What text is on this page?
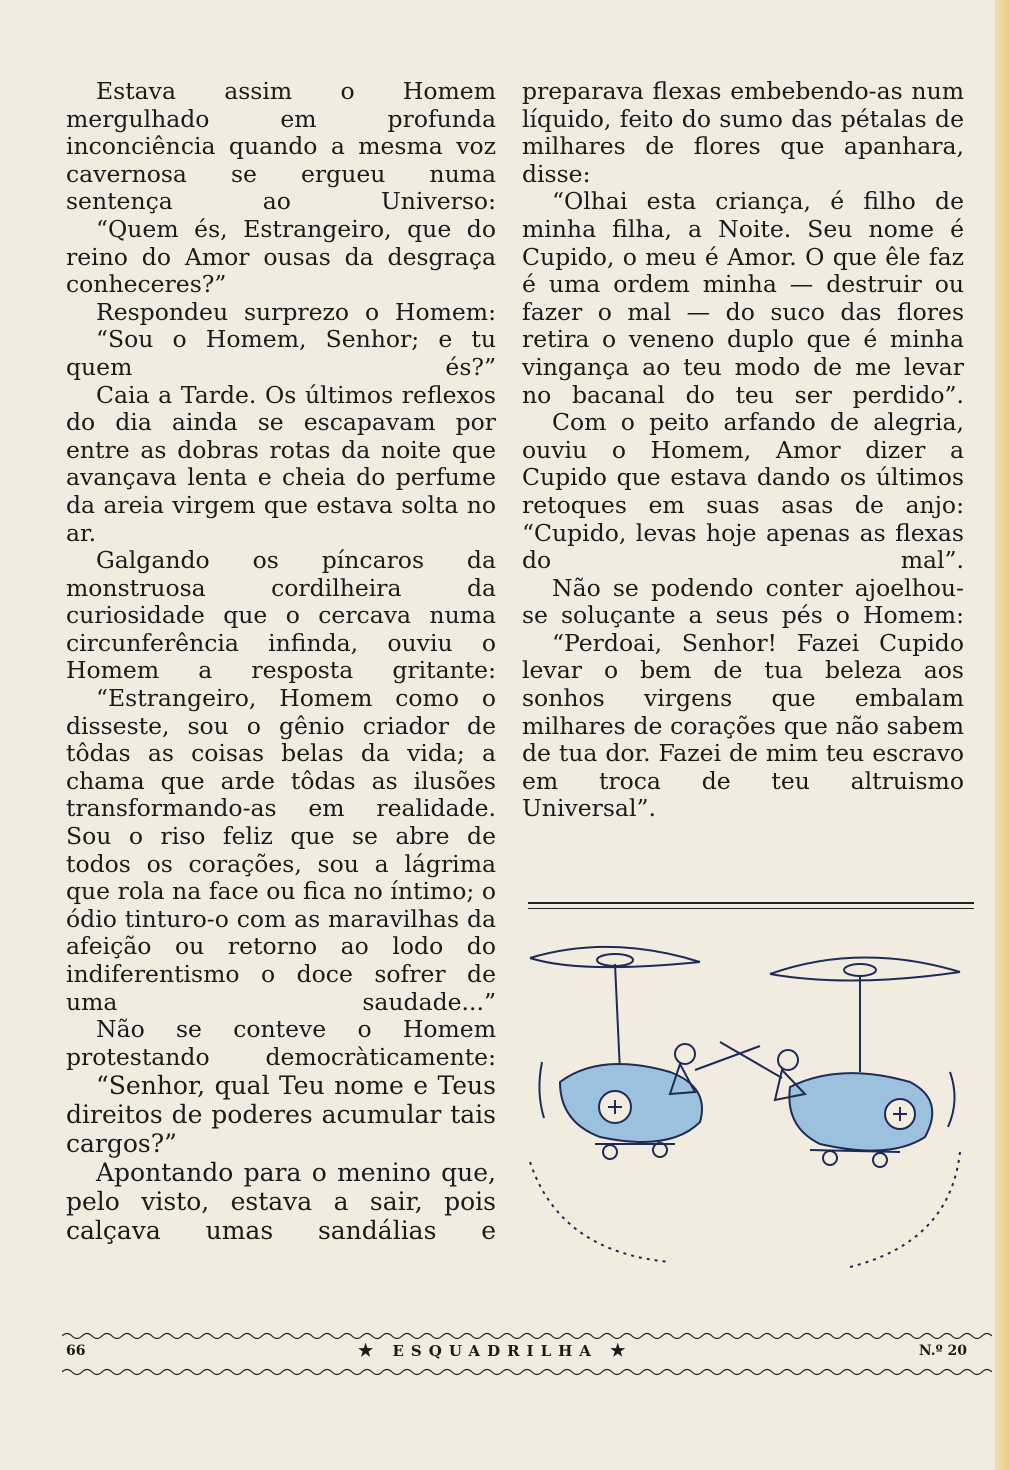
Estava assim o Homem mergulhado em profunda inconciência quando a mesma voz cavernosa se ergueu numa sentença ao Universo:

“Quem és, Estrangeiro, que do reino do Amor ousas da desgraça conheceres?”

Respondeu surprezo o Homem:

“Sou o Homem, Senhor; e tu quem és?”

Caia a Tarde. Os últimos reflexos do dia ainda se escapavam por entre as dobras rotas da noite que avançava lenta e cheia do perfume da areia virgem que estava solta no ar.

Galgando os píncaros da monstruosa cordilheira da curiosidade que o cercava numa circunferência infinda, ouviu o Homem a resposta gritante:

“Estrangeiro, Homem como o disseste, sou o gênio criador de tôdas as coisas belas da vida; a chama que arde tôdas as ilusões transformando-as em realidade. Sou o riso feliz que se abre de todos os corações, sou a lágrima que rola na face ou fica no íntimo; o ódio tinturo-o com as maravilhas da afeição ou retorno ao lodo do indiferentismo o doce sofrer de uma saudade...”

Não se conteve o Homem protestando democràticamente:

“Senhor, qual Teu nome e Teus direitos de poderes acumular tais cargos?”

Apontando para o menino que, pelo visto, estava a sair, pois calçava umas sandálias e

preparava flexas embebendo-as num líquido, feito do sumo das pétalas de milhares de flores que apanhara, disse:

“Olhai esta criança, é filho de minha filha, a Noite. Seu nome é Cupido, o meu é Amor. O que êle faz é uma ordem minha — destruir ou fazer o mal — do suco das flores retira o veneno duplo que é minha vingança ao teu modo de me levar no bacanal do teu ser perdido”.

Com o peito arfando de alegria, ouviu o Homem, Amor dizer a Cupido que estava dando os últimos retoques em suas asas de anjo: “Cupido, levas hoje apenas as flexas do mal”.

Não se podendo conter ajoelhou-se soluçante a seus pés o Homem:

“Perdoai, Senhor! Fazei Cupido levar o bem de tua beleza aos sonhos virgens que embalam milhares de corações que não sabem de tua dor. Fazei de mim teu escravo em troca de teu altruismo Universal”.

66	★ ESQUADRILHA ★	N.º 20
